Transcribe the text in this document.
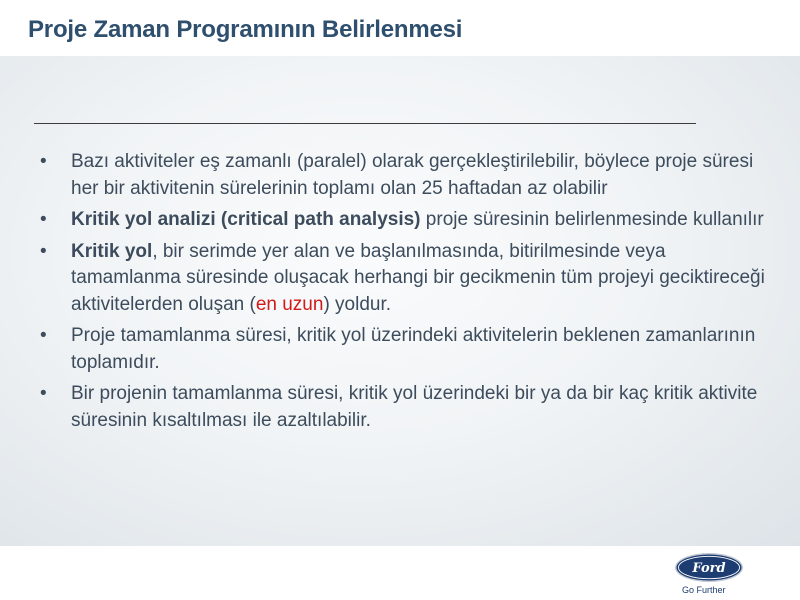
Proje Zaman Programının Belirlenmesi
• Bazı aktiviteler eş zamanlı (paralel) olarak gerçekleştirilebilir, böylece proje süresi her bir aktivitenin sürelerinin toplamı olan 25 haftadan az olabilir
• Kritik yol analizi (critical path analysis) proje süresinin belirlenmesinde kullanılır
• Kritik yol, bir serimde yer alan ve başlanılmasında, bitirilmesinde veya tamamlanma süresinde oluşacak herhangi bir gecikmenin tüm projeyi geciktireceği aktivitelerden oluşan (en uzun) yoldur.
• Proje tamamlanma süresi, kritik yol üzerindeki aktivitelerin beklenen zamanlarının toplamıdır.
• Bir projenin tamamlanma süresi, kritik yol üzerindeki bir ya da bir kaç kritik aktivite süresinin kısaltılması ile azaltılabilir.
Ford

Go Further
